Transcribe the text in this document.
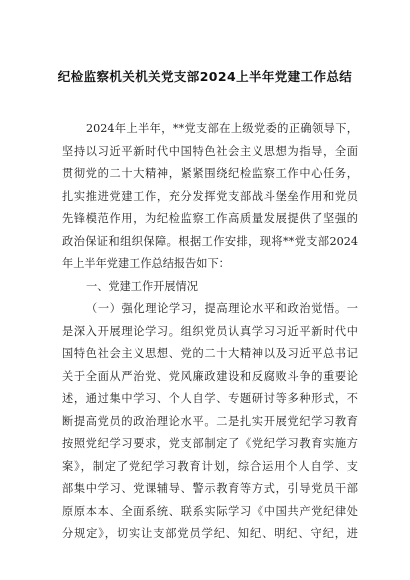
纪检监察机关机关党支部2024上半年党建工作总结
2024年上半年，**党支部在上级党委的正确领导下，
坚持以习近平新时代中国特色社会主义思想为指导，全面
贯彻党的二十大精神，紧紧围绕纪检监察工作中心任务，
扎实推进党建工作，充分发挥党支部战斗堡垒作用和党员
先锋模范作用，为纪检监察工作高质量发展提供了坚强的
政治保证和组织保障。根据工作安排，现将**党支部2024
年上半年党建工作总结报告如下：
一、党建工作开展情况
（一）强化理论学习，提高理论水平和政治觉悟。一
是深入开展理论学习。组织党员认真学习习近平新时代中
国特色社会主义思想、党的二十大精神以及习近平总书记
关于全面从严治党、党风廉政建设和反腐败斗争的重要论
述，通过集中学习、个人自学、专题研讨等多种形式，不
断提高党员的政治理论水平。二是扎实开展党纪学习教育
按照党纪学习要求，党支部制定了《党纪学习教育实施方
案》，制定了党纪学习教育计划，综合运用个人自学、支
部集中学习、党课辅导、警示教育等方式，引导党员干部
原原本本、全面系统、联系实际学习《中国共产党纪律处
分规定》，切实让支部党员学纪、知纪、明纪、守纪，进
